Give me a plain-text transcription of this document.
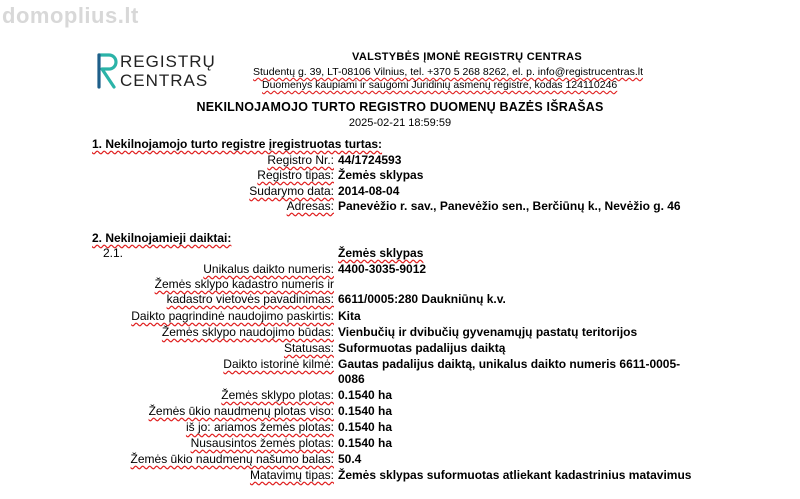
domoplius.lt
REGISTRŲ
CENTRAS
VALSTYBĖS ĮMONĖ REGISTRŲ CENTRAS
Studentų g. 39, LT-08106 Vilnius, tel. +370 5 268 8262, el. p. info@registrucentras.lt
Duomenys kaupiami ir saugomi Juridinių asmenų registre, kodas 124110246
NEKILNOJAMOJO TURTO REGISTRO DUOMENŲ BAZĖS IŠRAŠAS
2025-02-21 18:59:59
1. Nekilnojamojo turto registre įregistruotas turtas:
Registro Nr.: 44/1724593
Registro tipas: Žemės sklypas
Sudarymo data: 2014-08-04
Adresas: Panevėžio r. sav., Panevėžio sen., Berčiūnų k., Nevėžio g. 46
2. Nekilnojamieji daiktai:
2.1.	Žemės sklypas
Unikalus daikto numeris: 4400-3035-9012
Žemės sklypo kadastro numeris ir
kadastro vietovės pavadinimas: 6611/0005:280 Daukniūnų k.v.
Daikto pagrindinė naudojimo paskirtis: Kita
Žemės sklypo naudojimo būdas: Vienbučių ir dvibučių gyvenamųjų pastatų teritorijos
Statusas: Suformuotas padalijus daiktą
Daikto istorinė kilmė: Gautas padalijus daiktą, unikalus daikto numeris 6611-0005-0086
Žemės sklypo plotas: 0.1540 ha
Žemės ūkio naudmenų plotas viso: 0.1540 ha
iš jo: ariamos žemės plotas: 0.1540 ha
Nusausintos žemės plotas: 0.1540 ha
Žemės ūkio naudmenų našumo balas: 50.4
Matavimų tipas: Žemės sklypas suformuotas atliekant kadastrinius matavimus
